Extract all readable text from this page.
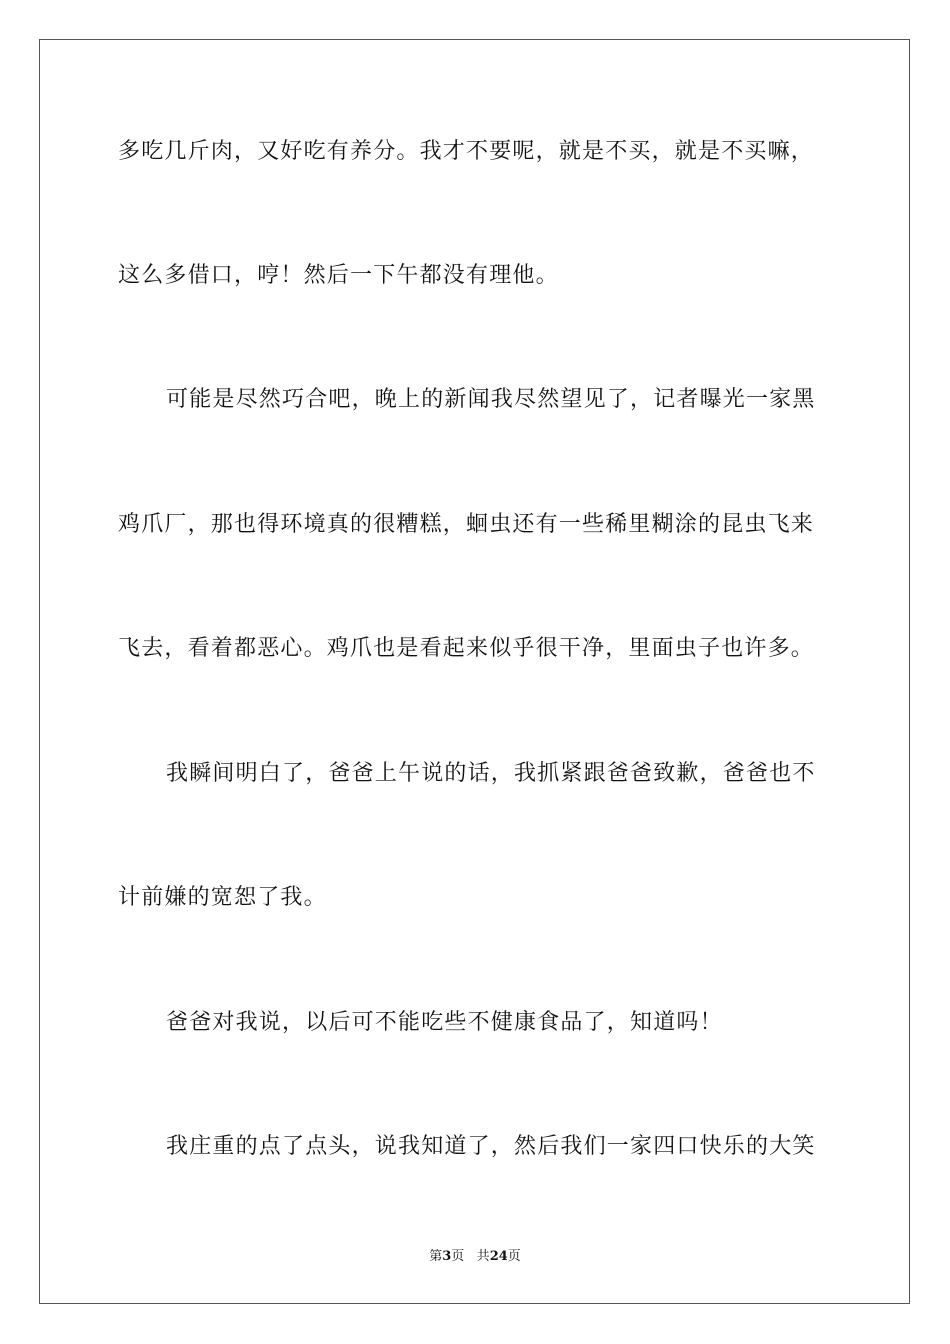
多吃几斤肉，又好吃有养分。我才不要呢，就是不买，就是不买嘛，
这么多借口，哼！然后一下午都没有理他。
可能是尽然巧合吧，晚上的新闻我尽然望见了，记者曝光一家黑
鸡爪厂，那也得环境真的很糟糕，蛔虫还有一些稀里糊涂的昆虫飞来
飞去，看着都恶心。鸡爪也是看起来似乎很干净，里面虫子也许多。
我瞬间明白了，爸爸上午说的话，我抓紧跟爸爸致歉，爸爸也不
计前嫌的宽恕了我。
爸爸对我说，以后可不能吃些不健康食品了，知道吗！
我庄重的点了点头，说我知道了，然后我们一家四口快乐的大笑
第3页 共24页
